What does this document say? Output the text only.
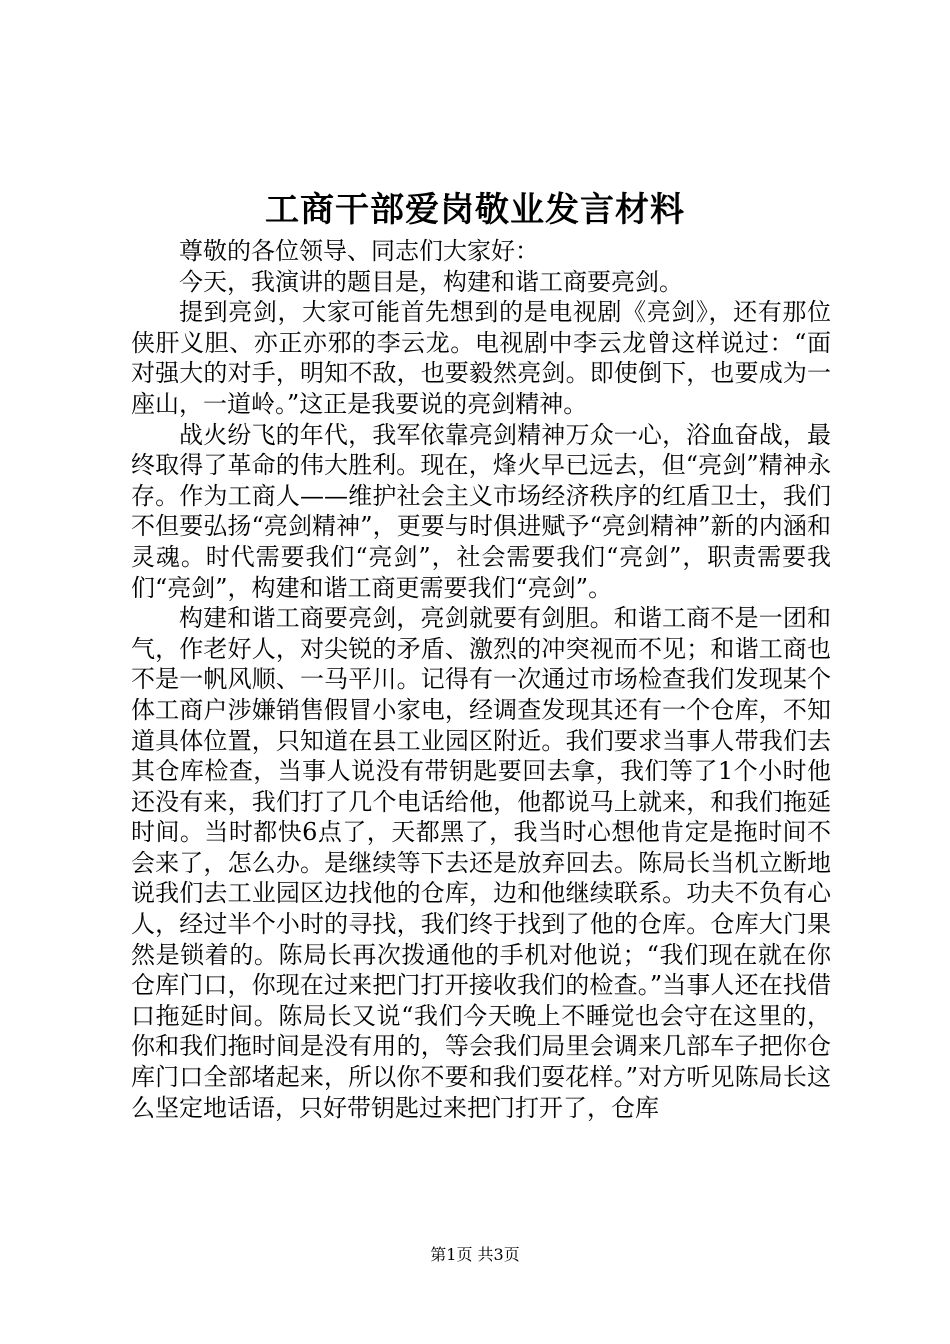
工商干部爱岗敬业发言材料

尊敬的各位领导、同志们大家好：

今天，我演讲的题目是，构建和谐工商要亮剑。

提到亮剑，大家可能首先想到的是电视剧《亮剑》，还有那位侠肝义胆、亦正亦邪的李云龙。电视剧中李云龙曾这样说过：“面对强大的对手，明知不敌，也要毅然亮剑。即使倒下，也要成为一座山，一道岭。”这正是我要说的亮剑精神。

战火纷飞的年代，我军依靠亮剑精神万众一心，浴血奋战，最终取得了革命的伟大胜利。现在，烽火早已远去，但“亮剑”精神永存。作为工商人——维护社会主义市场经济秩序的红盾卫士，我们不但要弘扬“亮剑精神”，更要与时俱进赋予“亮剑精神”新的内涵和灵魂。时代需要我们“亮剑”，社会需要我们“亮剑”，职责需要我们“亮剑”，构建和谐工商更需要我们“亮剑”。

构建和谐工商要亮剑，亮剑就要有剑胆。和谐工商不是一团和气，作老好人，对尖锐的矛盾、激烈的冲突视而不见；和谐工商也不是一帆风顺、一马平川。记得有一次通过市场检查我们发现某个体工商户涉嫌销售假冒小家电，经调查发现其还有一个仓库，不知道具体位置，只知道在县工业园区附近。我们要求当事人带我们去其仓库检查，当事人说没有带钥匙要回去拿，我们等了1个小时他还没有来，我们打了几个电话给他，他都说马上就来，和我们拖延时间。当时都快6点了，天都黑了，我当时心想他肯定是拖时间不会来了，怎么办。是继续等下去还是放弃回去。陈局长当机立断地说我们去工业园区边找他的仓库，边和他继续联系。功夫不负有心人，经过半个小时的寻找，我们终于找到了他的仓库。仓库大门果然是锁着的。陈局长再次拨通他的手机对他说；“我们现在就在你仓库门口，你现在过来把门打开接收我们的检查。”当事人还在找借口拖延时间。陈局长又说“我们今天晚上不睡觉也会守在这里的，你和我们拖时间是没有用的，等会我们局里会调来几部车子把你仓库门口全部堵起来，所以你不要和我们耍花样。”对方听见陈局长这么坚定地话语，只好带钥匙过来把门打开了，仓库

第1页 共3页
